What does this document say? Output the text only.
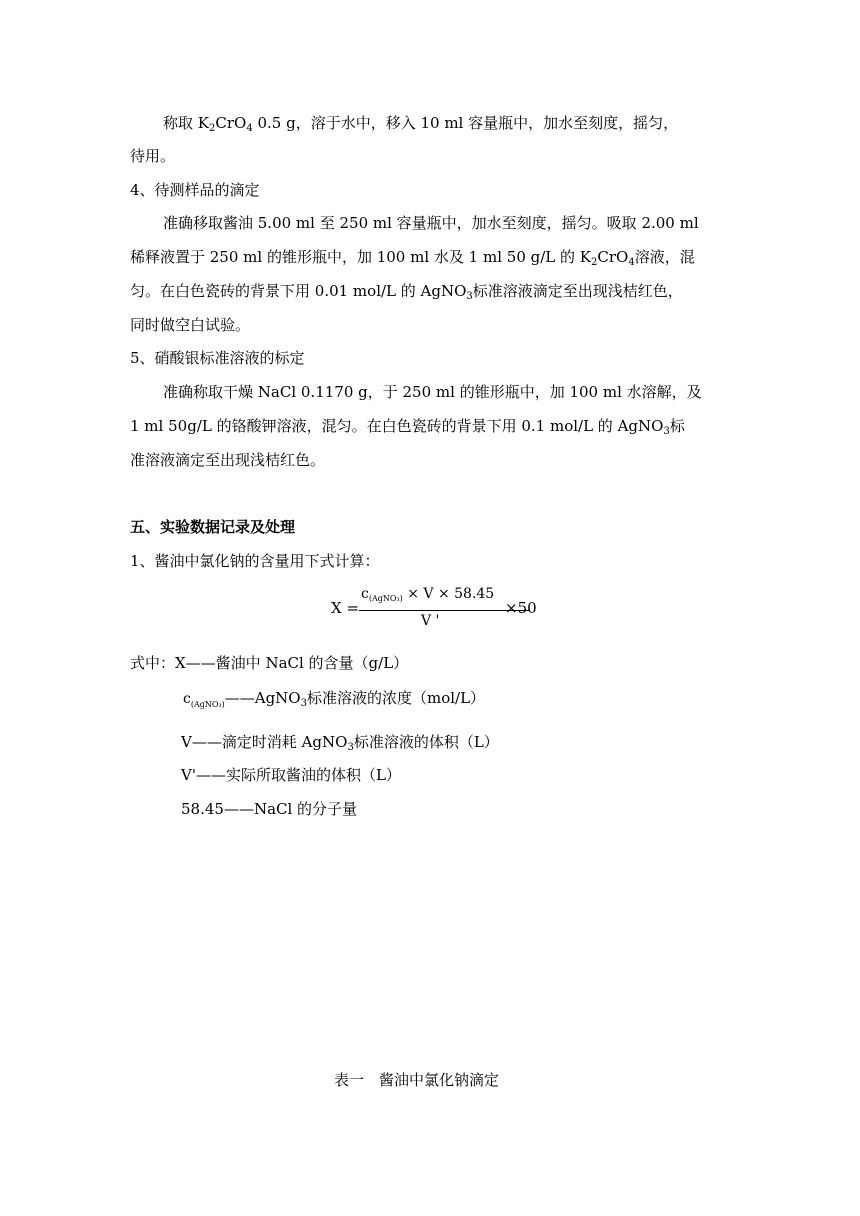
称取 $K_2CrO_4$ 0.5 g，溶于水中，移入 10 ml 容量瓶中，加水至刻度，摇匀，
待用。
4、待测样品的滴定
准确移取酱油 5.00 ml 至 250 ml 容量瓶中，加水至刻度，摇匀。吸取 2.00 ml
稀释液置于 250 ml 的锥形瓶中，加 100 ml 水及 1 ml 50 g/L 的 $K_2CrO_4$溶液，混
匀。在白色瓷砖的背景下用 0.01 mol/L 的 AgNO$_3$标准溶液滴定至出现浅桔红色，
同时做空白试验。
5、硝酸银标准溶液的标定
准确称取干燥 NaCl 0.1170 g，于 250 ml 的锥形瓶中，加 100 ml 水溶解，及
1 ml 50g/L 的铬酸钾溶液，混匀。在白色瓷砖的背景下用 0.1 mol/L 的 AgNO$_3$标
准溶液滴定至出现浅桔红色。
五、实验数据记录及处理
1、酱油中氯化钠的含量用下式计算：
X =
$c_{(AgNO_3)} \times V \times 58.45$
V '
×50
式中：X——酱油中 NaCl 的含量（g/L）
$c_{(AgNO_3)}——AgNO_3$标准溶液的浓度（mol/L）
V——滴定时消耗 AgNO$_3$标准溶液的体积（L）
V'——实际所取酱油的体积（L）
58.45——NaCl 的分子量
表一　酱油中氯化钠滴定
